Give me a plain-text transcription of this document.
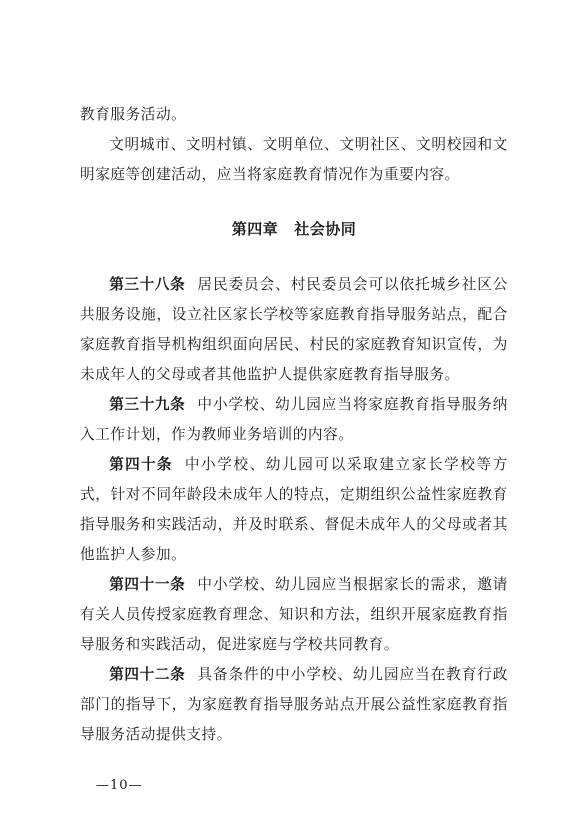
教育服务活动。

文明城市、文明村镇、文明单位、文明社区、文明校园和文明家庭等创建活动，应当将家庭教育情况作为重要内容。

第四章 社会协同

第三十八条 居民委员会、村民委员会可以依托城乡社区公共服务设施，设立社区家长学校等家庭教育指导服务站点，配合家庭教育指导机构组织面向居民、村民的家庭教育知识宣传，为未成年人的父母或者其他监护人提供家庭教育指导服务。

第三十九条 中小学校、幼儿园应当将家庭教育指导服务纳入工作计划，作为教师业务培训的内容。

第四十条 中小学校、幼儿园可以采取建立家长学校等方式，针对不同年龄段未成年人的特点，定期组织公益性家庭教育指导服务和实践活动，并及时联系、督促未成年人的父母或者其他监护人参加。

第四十一条 中小学校、幼儿园应当根据家长的需求，邀请有关人员传授家庭教育理念、知识和方法，组织开展家庭教育指导服务和实践活动，促进家庭与学校共同教育。

第四十二条 具备条件的中小学校、幼儿园应当在教育行政部门的指导下，为家庭教育指导服务站点开展公益性家庭教育指导服务活动提供支持。

—10—
